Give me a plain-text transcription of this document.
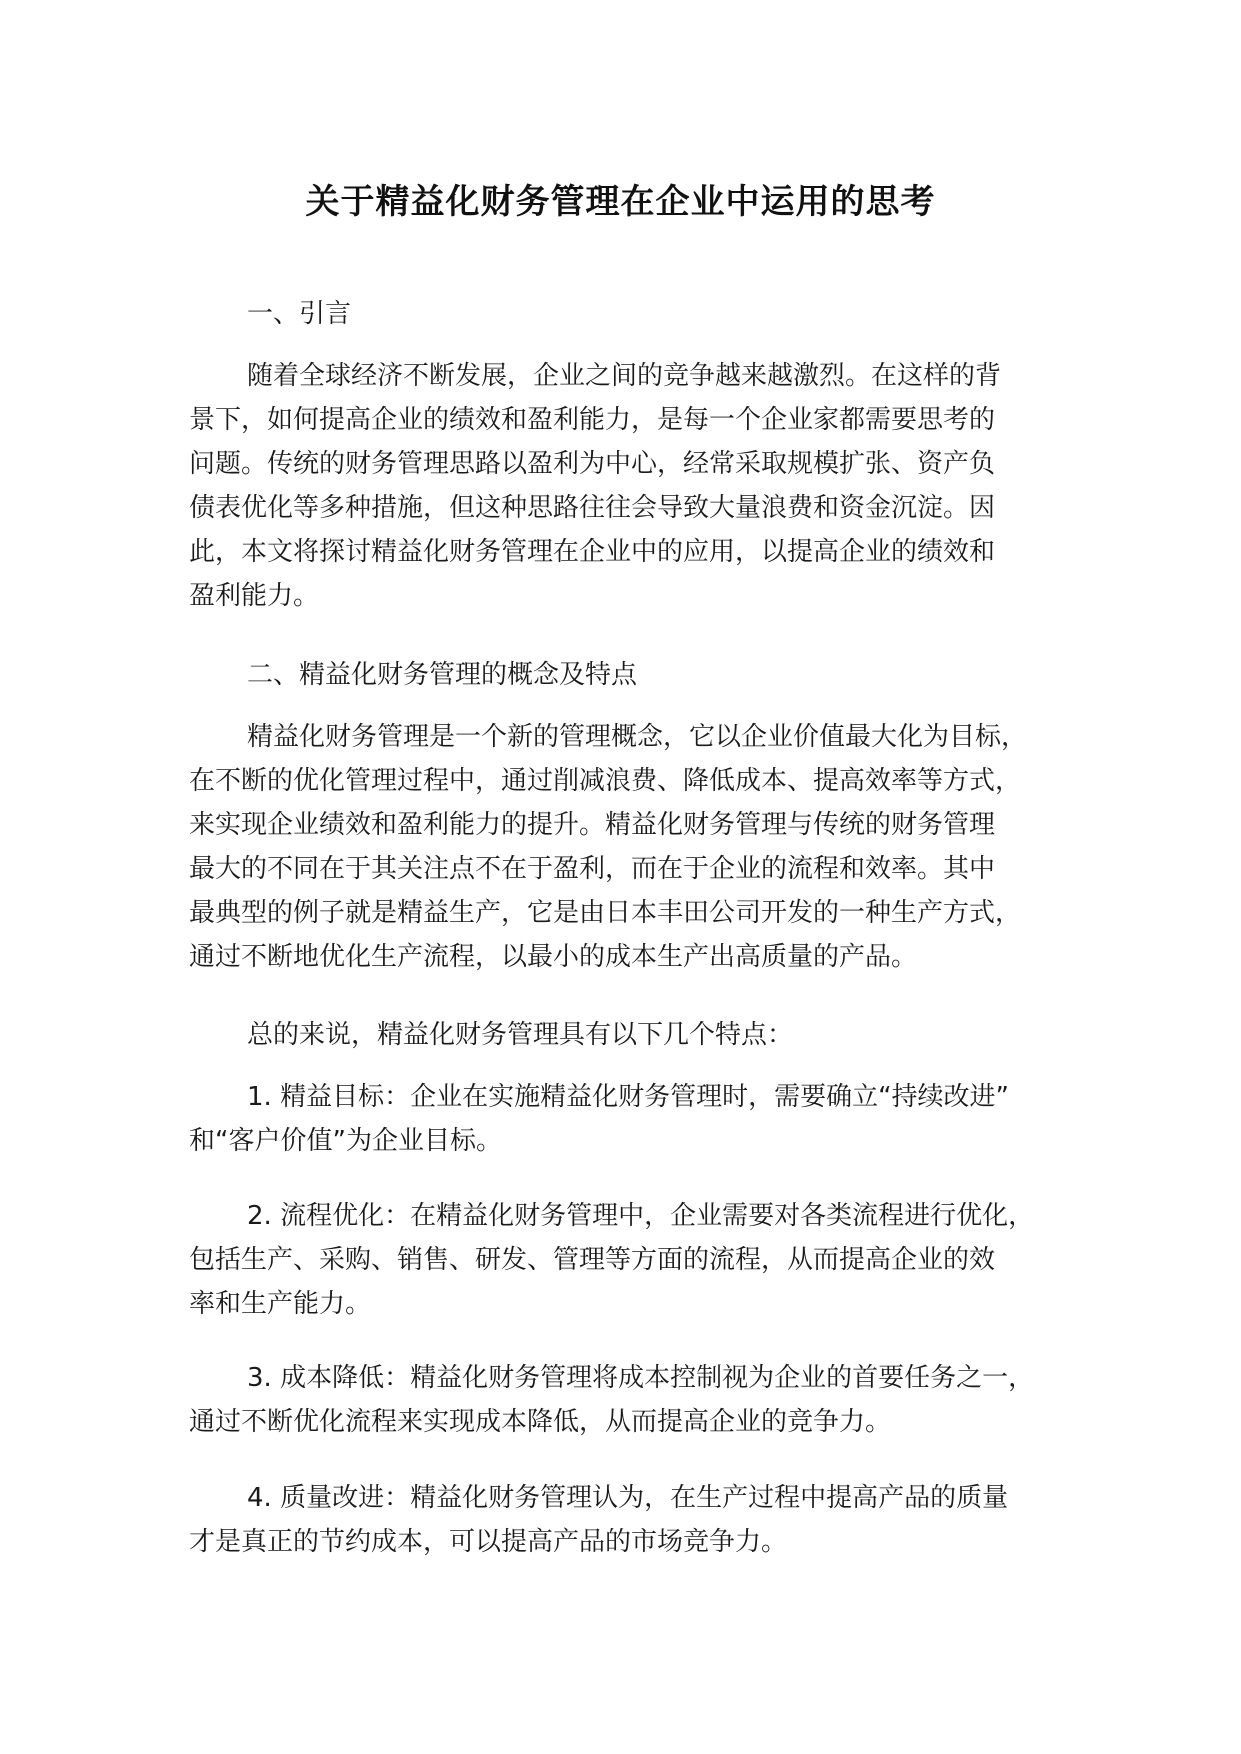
关于精益化财务管理在企业中运用的思考
一、引言
随着全球经济不断发展，企业之间的竞争越来越激烈。在这样的背
景下，如何提高企业的绩效和盈利能力，是每一个企业家都需要思考的
问题。传统的财务管理思路以盈利为中心，经常采取规模扩张、资产负
债表优化等多种措施，但这种思路往往会导致大量浪费和资金沉淀。因
此，本文将探讨精益化财务管理在企业中的应用，以提高企业的绩效和
盈利能力。
二、精益化财务管理的概念及特点
精益化财务管理是一个新的管理概念，它以企业价值最大化为目标，
在不断的优化管理过程中，通过削减浪费、降低成本、提高效率等方式，
来实现企业绩效和盈利能力的提升。精益化财务管理与传统的财务管理
最大的不同在于其关注点不在于盈利，而在于企业的流程和效率。其中
最典型的例子就是精益生产，它是由日本丰田公司开发的一种生产方式，
通过不断地优化生产流程，以最小的成本生产出高质量的产品。
总的来说，精益化财务管理具有以下几个特点：
1. 精益目标：企业在实施精益化财务管理时，需要确立“持续改进”
和“客户价值”为企业目标。
2. 流程优化：在精益化财务管理中，企业需要对各类流程进行优化，
包括生产、采购、销售、研发、管理等方面的流程，从而提高企业的效
率和生产能力。
3. 成本降低：精益化财务管理将成本控制视为企业的首要任务之一，
通过不断优化流程来实现成本降低，从而提高企业的竞争力。
4. 质量改进：精益化财务管理认为，在生产过程中提高产品的质量
才是真正的节约成本，可以提高产品的市场竞争力。
